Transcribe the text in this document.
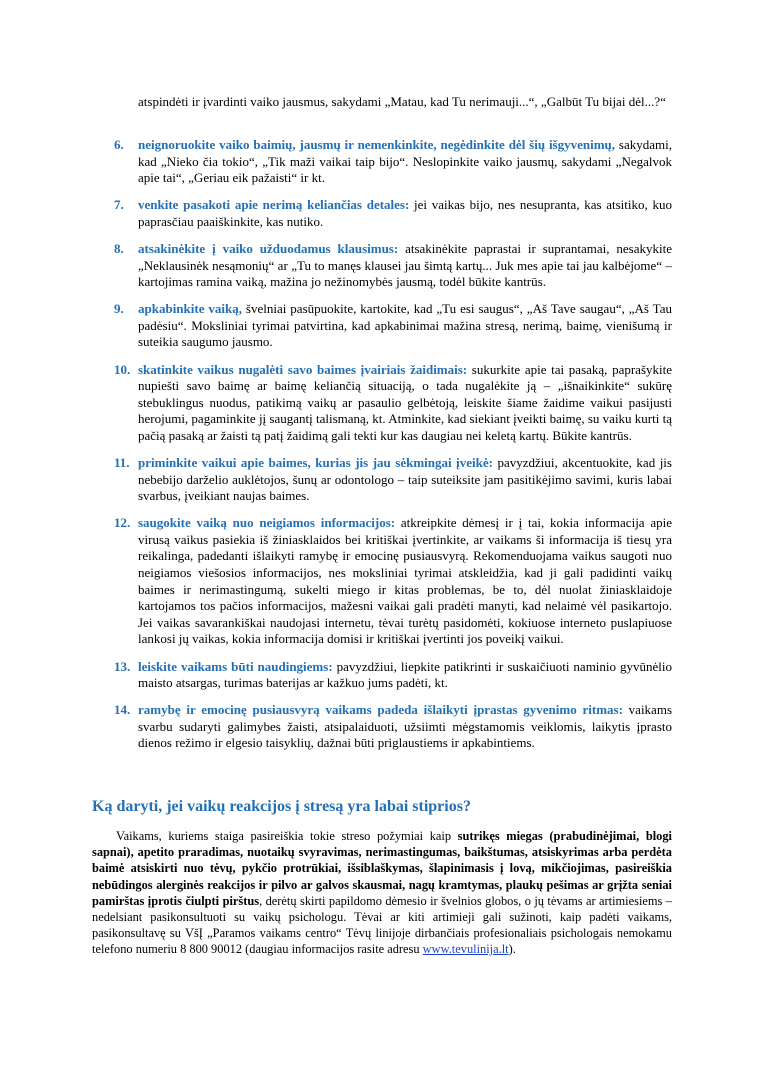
atspindėti ir įvardinti vaiko jausmus, sakydami „Matau, kad Tu nerimauji...“, „Galbūt Tu bijai dėl...?“
6. neignoruokite vaiko baimių, jausmų ir nemenkinkite, negėdinkite dėl šių išgyvenimų, sakydami, kad „Nieko čia tokio“, „Tik maži vaikai taip bijo“. Neslopinkite vaiko jausmų, sakydami „Negalvok apie tai“, „Geriau eik pažaisti“ ir kt.
7. venkite pasakoti apie nerimą keliančias detales: jei vaikas bijo, nes nesupranta, kas atsitiko, kuo paprasčiau paaiškinkite, kas nutiko.
8. atsakinėkite į vaiko užduodamus klausimus: atsakinėkite paprastai ir suprantamai, nesakykite „Neklausinėk nesąmonių“ ar „Tu to manęs klausei jau šimtą kartų... Juk mes apie tai jau kalbėjome“ – kartojimas ramina vaiką, mažina jo nežinomybės jausmą, todėl būkite kantrūs.
9. apkabinkite vaiką, švelniai pasūpuokite, kartokite, kad „Tu esi saugus“, „Aš Tave saugau“, „Aš Tau padėsiu“. Moksliniai tyrimai patvirtina, kad apkabinimai mažina stresą, nerimą, baimę, vienišumą ir suteikia saugumo jausmo.
10. skatinkite vaikus nugalėti savo baimes įvairiais žaidimais: sukurkite apie tai pasaką, paprašykite nupiešti savo baimę ar baimę keliančią situaciją, o tada nugalėkite ją – „išnaikinkite“ sukūrę stebuklingus nuodus, patikimą vaikų ar pasaulio gelbėtoją, leiskite šiame žaidime vaikui pasijusti herojumi, pagaminkite jį saugantį talismaną, kt. Atminkite, kad siekiant įveikti baimę, su vaiku kurti tą pačią pasaką ar žaisti tą patį žaidimą gali tekti kur kas daugiau nei keletą kartų. Būkite kantrūs.
11. priminkite vaikui apie baimes, kurias jis jau sėkmingai įveikė: pavyzdžiui, akcentuokite, kad jis nebebijo darželio auklėtojos, šunų ar odontologo – taip suteiksite jam pasitikėjimo savimi, kuris labai svarbus, įveikiant naujas baimes.
12. saugokite vaiką nuo neigiamos informacijos: atkreipkite dėmesį ir į tai, kokia informacija apie virusą vaikus pasiekia iš žiniasklaidos bei kritiškai įvertinkite, ar vaikams ši informacija iš tiesų yra reikalinga, padedanti išlaikyti ramybę ir emocinę pusiausvyrą. Rekomenduojama vaikus saugoti nuo neigiamos viešosios informacijos, nes moksliniai tyrimai atskleidžia, kad ji gali padidinti vaikų baimes ir nerimastingumą, sukelti miego ir kitas problemas, be to, dėl nuolat žiniasklaidoje kartojamos tos pačios informacijos, mažesni vaikai gali pradėti manyti, kad nelaimė vėl pasikartojo. Jei vaikas savarankiškai naudojasi internetu, tėvai turėtų pasidomėti, kokiuose interneto puslapiuose lankosi jų vaikas, kokia informacija domisi ir kritiškai įvertinti jos poveikį vaikui.
13. leiskite vaikams būti naudingiems: pavyzdžiui, liepkite patikrinti ir suskaičiuoti naminio gyvūnėlio maisto atsargas, turimas baterijas ar kažkuo jums padėti, kt.
14. ramybę ir emocinę pusiausvyrą vaikams padeda išlaikyti įprastas gyvenimo ritmas: vaikams svarbu sudaryti galimybes žaisti, atsipalaiduoti, užsiimti mėgstamomis veiklomis, laikytis įprasto dienos režimo ir elgesio taisyklių, dažnai būti priglaustiems ir apkabintiems.
Ką daryti, jei vaikų reakcijos į stresą yra labai stiprios?

Vaikams, kuriems staiga pasireiškia tokie streso požymiai kaip sutrikęs miegas (prabudinėjimai, blogi sapnai), apetito praradimas, nuotaikų svyravimas, nerimastingumas, baikštumas, atsiskyrimas arba perdėta baimė atsiskirti nuo tėvų, pykčio protrūkiai, išsiblaškymas, šlapinimasis į lovą, mikčiojimas, pasireiškia nebūdingos alerginės reakcijos ir pilvo ar galvos skausmai, nagų kramtymas, plaukų pešimas ar grįžta seniai pamirštas įprotis čiulpti pirštus, derėtų skirti papildomo dėmesio ir švelnios globos, o jų tėvams ar artimiesiems – nedelsiant pasikonsultuoti su vaikų psichologu. Tėvai ar kiti artimieji gali sužinoti, kaip padėti vaikams, pasikonsultavę su VšĮ „Paramos vaikams centro“ Tėvų linijoje dirbančiais profesionaliais psichologais nemokamu telefono numeriu 8 800 90012 (daugiau informacijos rasite adresu www.tevulinija.lt).
